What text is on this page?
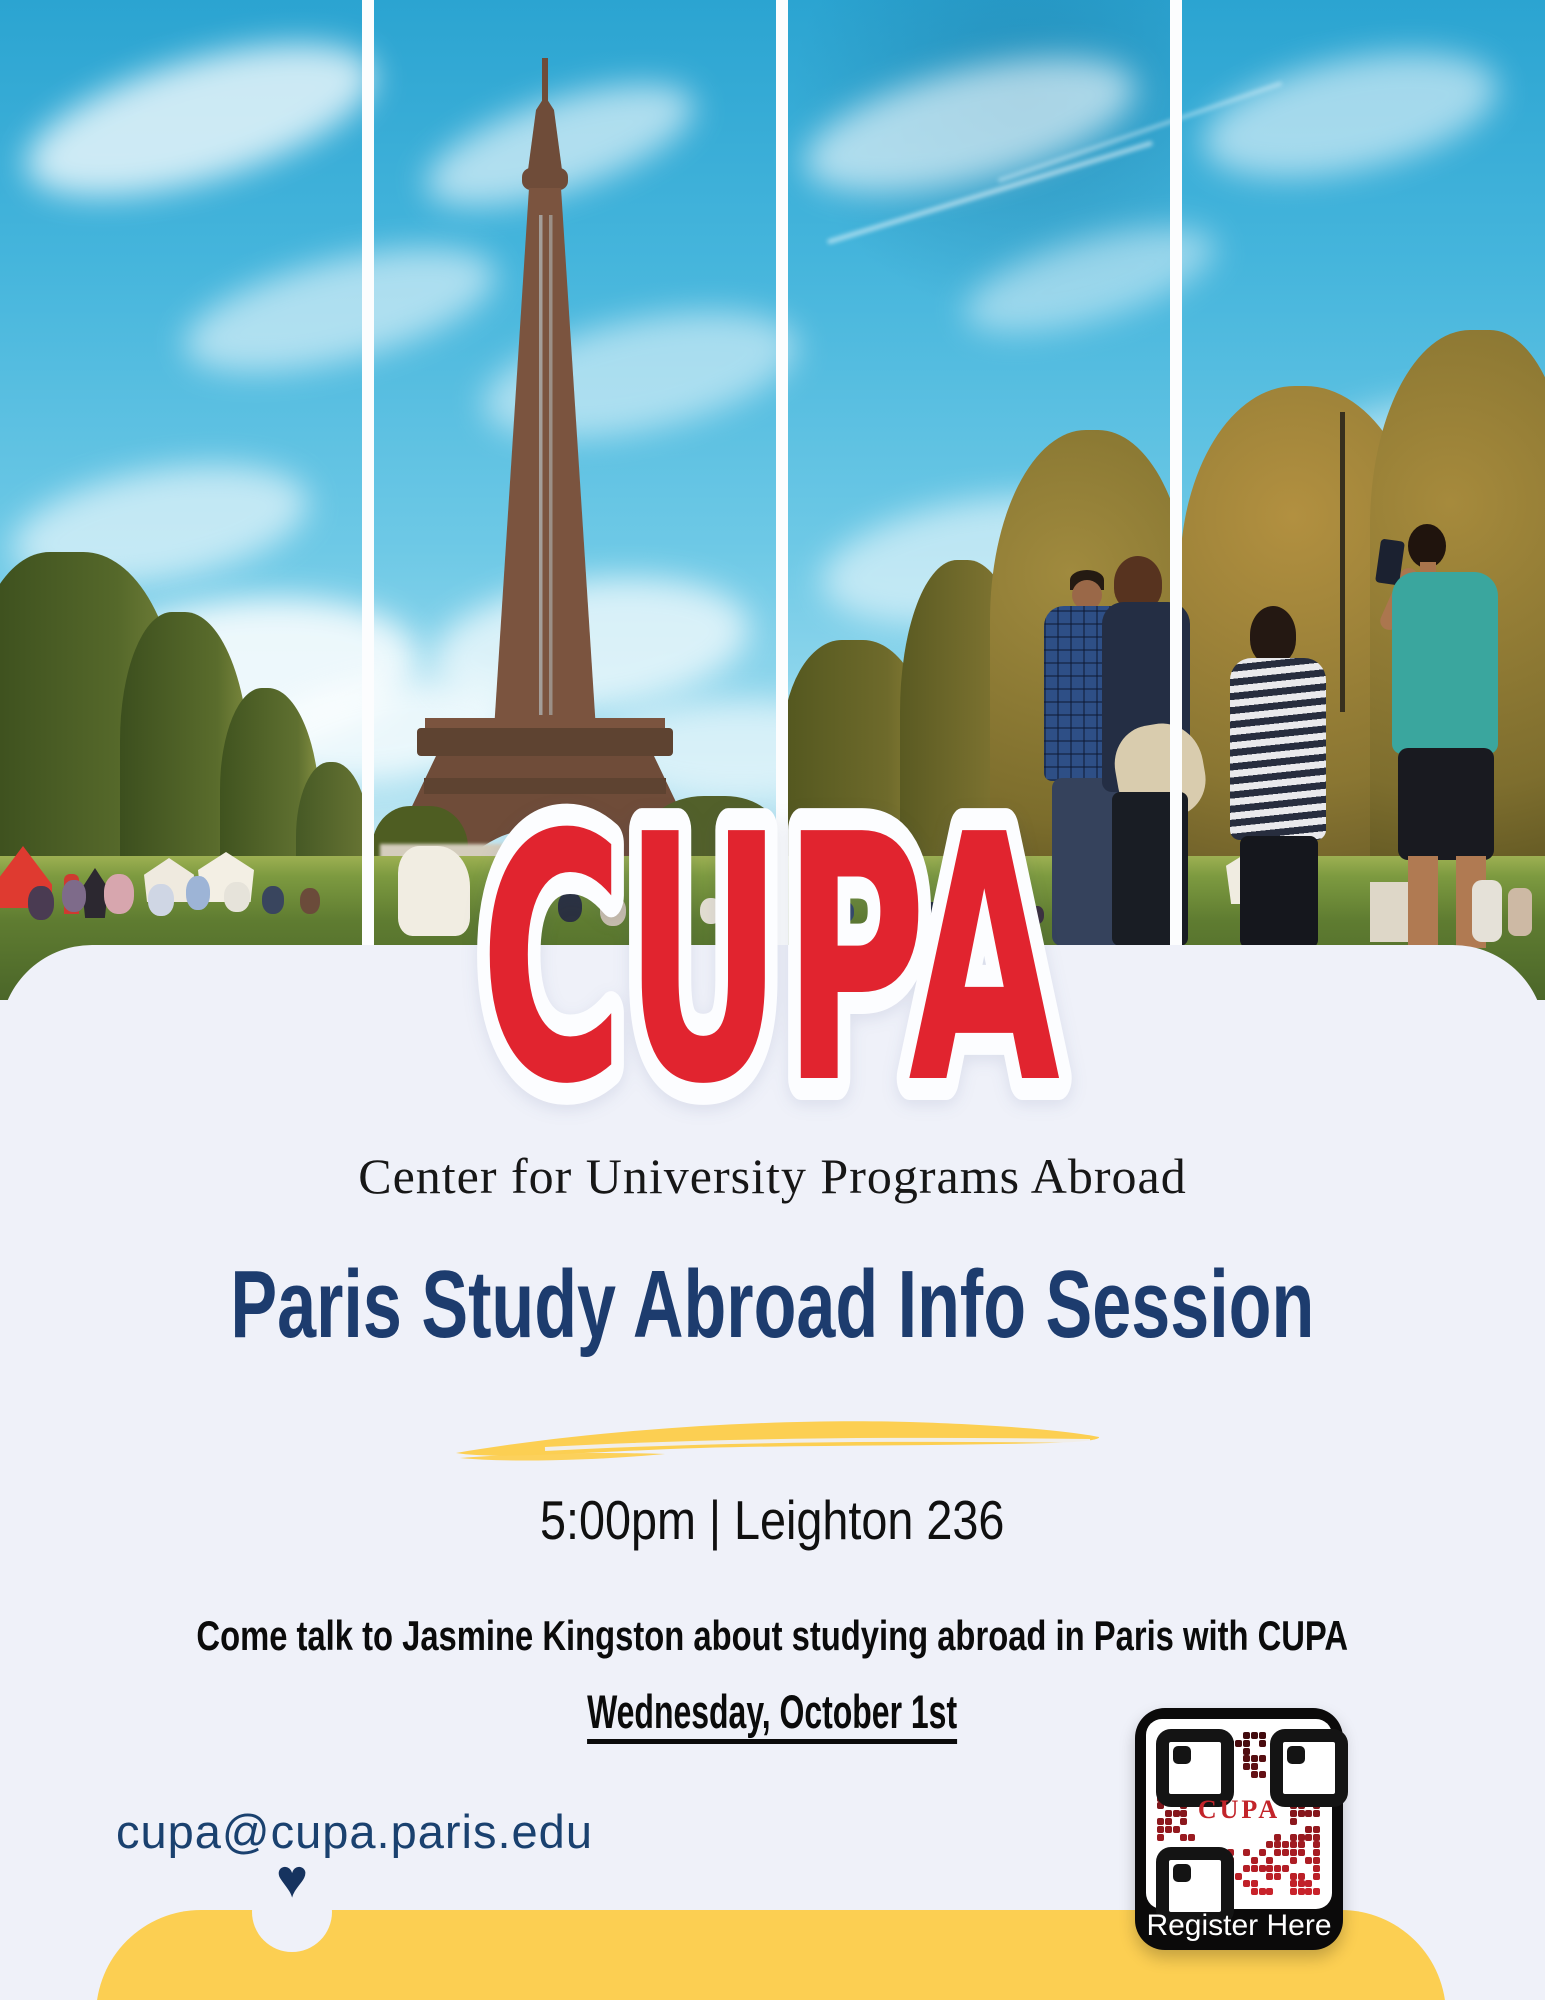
♥
CUPA
Center for University Programs Abroad
Paris Study Abroad Info Session
5:00pm | Leighton 236
Come talk to Jasmine Kingston about studying abroad in Paris with CUPA
Wednesday, October 1st
cupa@cupa.paris.edu	CUPA
Register Here
